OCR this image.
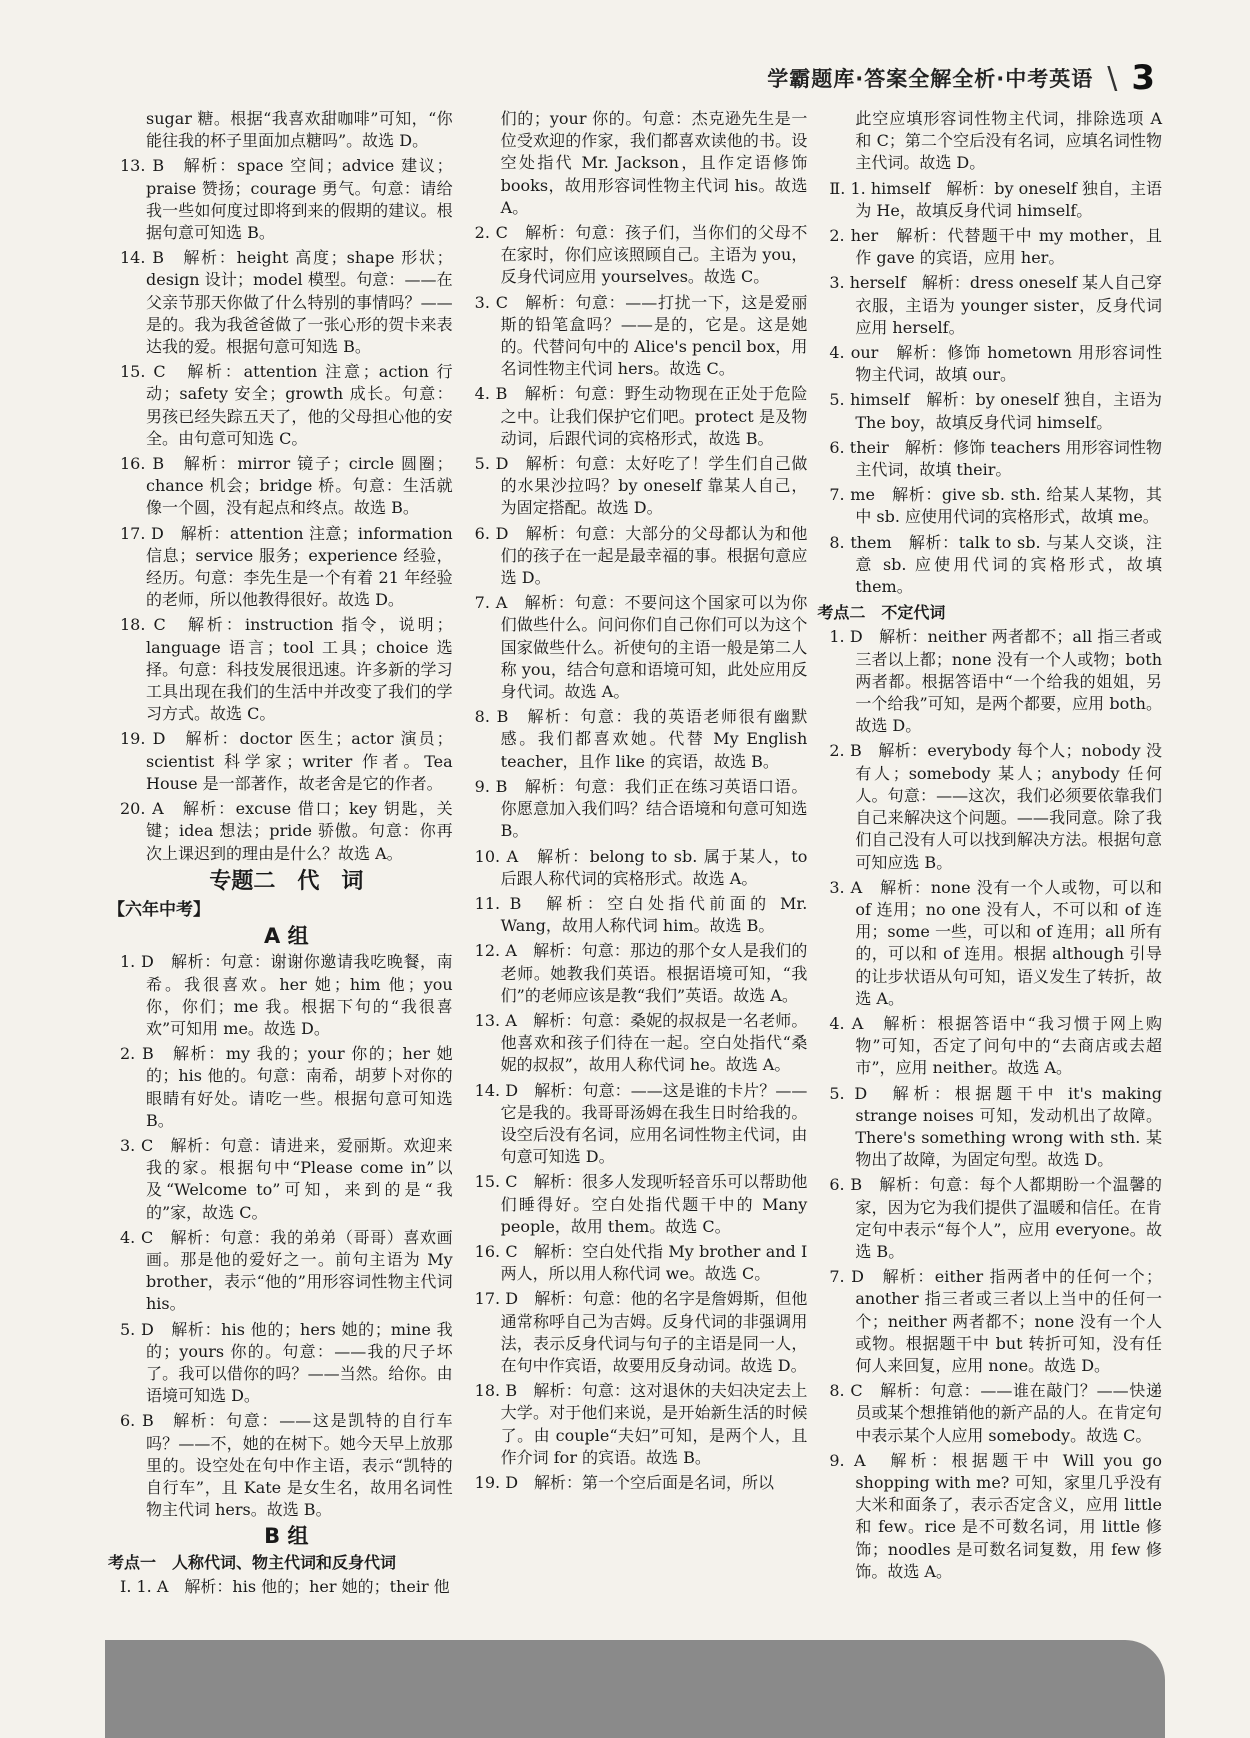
学霸题库·答案全解全析·中考英语 \ 3

sugar 糖。根据“我喜欢甜咖啡”可知，“你能往我的杯子里面加点糖吗”。故选 D。

13. B　解析：space 空间；advice 建议；praise 赞扬；courage 勇气。句意：请给我一些如何度过即将到来的假期的建议。根据句意可知选 B。

14. B　解析：height 高度；shape 形状；design 设计；model 模型。句意：——在父亲节那天你做了什么特别的事情吗？——是的。我为我爸爸做了一张心形的贺卡来表达我的爱。根据句意可知选 B。

15. C　解析：attention 注意；action 行动；safety 安全；growth 成长。句意：男孩已经失踪五天了，他的父母担心他的安全。由句意可知选 C。

16. B　解析：mirror 镜子；circle 圆圈；chance 机会；bridge 桥。句意：生活就像一个圆，没有起点和终点。故选 B。

17. D　解析：attention 注意；information 信息；service 服务；experience 经验，经历。句意：李先生是一个有着 21 年经验的老师，所以他教得很好。故选 D。

18. C　解析：instruction 指令，说明；language 语言；tool 工具；choice 选择。句意：科技发展很迅速。许多新的学习工具出现在我们的生活中并改变了我们的学习方式。故选 C。

19. D　解析：doctor 医生；actor 演员；scientist 科学家；writer 作者。Tea House 是一部著作，故老舍是它的作者。

20. A　解析：excuse 借口；key 钥匙，关键；idea 想法；pride 骄傲。句意：你再次上课迟到的理由是什么？故选 A。

专题二　代　词

【六年中考】

A 组

1. D　解析：句意：谢谢你邀请我吃晚餐，南希。我很喜欢。her 她；him 他；you 你，你们；me 我。根据下句的“我很喜欢”可知用 me。故选 D。

2. B　解析：my 我的；your 你的；her 她的；his 他的。句意：南希，胡萝卜对你的眼睛有好处。请吃一些。根据句意可知选 B。

3. C　解析：句意：请进来，爱丽斯。欢迎来我的家。根据句中“Please come in”以及“Welcome to”可知，来到的是“我的”家，故选 C。

4. C　解析：句意：我的弟弟（哥哥）喜欢画画。那是他的爱好之一。前句主语为 My brother，表示“他的”用形容词性物主代词 his。

5. D　解析：his 他的；hers 她的；mine 我的；yours 你的。句意：——我的尺子坏了。我可以借你的吗？——当然。给你。由语境可知选 D。

6. B　解析：句意：——这是凯特的自行车吗？——不，她的在树下。她今天早上放那里的。设空处在句中作主语，表示“凯特的自行车”，且 Kate 是女生名，故用名词性物主代词 hers。故选 B。

B 组

考点一　人称代词、物主代词和反身代词

Ⅰ. 1. A　解析：his 他的；her 她的；their 他

们的；your 你的。句意：杰克逊先生是一位受欢迎的作家，我们都喜欢读他的书。设空处指代 Mr. Jackson，且作定语修饰 books，故用形容词性物主代词 his。故选 A。

2. C　解析：句意：孩子们，当你们的父母不在家时，你们应该照顾自己。主语为 you，反身代词应用 yourselves。故选 C。

3. C　解析：句意：——打扰一下，这是爱丽斯的铅笔盒吗？——是的，它是。这是她的。代替问句中的 Alice's pencil box，用名词性物主代词 hers。故选 C。

4. B　解析：句意：野生动物现在正处于危险之中。让我们保护它们吧。protect 是及物动词，后跟代词的宾格形式，故选 B。

5. D　解析：句意：太好吃了！学生们自己做的水果沙拉吗？by oneself 靠某人自己，为固定搭配。故选 D。

6. D　解析：句意：大部分的父母都认为和他们的孩子在一起是最幸福的事。根据句意应选 D。

7. A　解析：句意：不要问这个国家可以为你们做些什么。问问你们自己你们可以为这个国家做些什么。祈使句的主语一般是第二人称 you，结合句意和语境可知，此处应用反身代词。故选 A。

8. B　解析：句意：我的英语老师很有幽默感。我们都喜欢她。代替 My English teacher，且作 like 的宾语，故选 B。

9. B　解析：句意：我们正在练习英语口语。你愿意加入我们吗？结合语境和句意可知选 B。

10. A　解析：belong to sb. 属于某人，to 后跟人称代词的宾格形式。故选 A。

11. B　解析：空白处指代前面的 Mr. Wang，故用人称代词 him。故选 B。

12. A　解析：句意：那边的那个女人是我们的老师。她教我们英语。根据语境可知，“我们”的老师应该是教“我们”英语。故选 A。

13. A　解析：句意：桑妮的叔叔是一名老师。他喜欢和孩子们待在一起。空白处指代“桑妮的叔叔”，故用人称代词 he。故选 A。

14. D　解析：句意：——这是谁的卡片？——它是我的。我哥哥汤姆在我生日时给我的。设空后没有名词，应用名词性物主代词，由句意可知选 D。

15. C　解析：很多人发现听轻音乐可以帮助他们睡得好。空白处指代题干中的 Many people，故用 them。故选 C。

16. C　解析：空白处代指 My brother and I 两人，所以用人称代词 we。故选 C。

17. D　解析：句意：他的名字是詹姆斯，但他通常称呼自己为吉姆。反身代词的非强调用法，表示反身代词与句子的主语是同一人，在句中作宾语，故要用反身动词。故选 D。

18. B　解析：句意：这对退休的夫妇决定去上大学。对于他们来说，是开始新生活的时候了。由 couple“夫妇”可知，是两个人，且作介词 for 的宾语。故选 B。

19. D　解析：第一个空后面是名词，所以

此空应填形容词性物主代词，排除选项 A 和 C；第二个空后没有名词，应填名词性物主代词。故选 D。

Ⅱ. 1. himself　解析：by oneself 独自，主语为 He，故填反身代词 himself。

2. her　解析：代替题干中 my mother，且作 gave 的宾语，应用 her。

3. herself　解析：dress oneself 某人自己穿衣服，主语为 younger sister，反身代词应用 herself。

4. our　解析：修饰 hometown 用形容词性物主代词，故填 our。

5. himself　解析：by oneself 独自，主语为 The boy，故填反身代词 himself。

6. their　解析：修饰 teachers 用形容词性物主代词，故填 their。

7. me　解析：give sb. sth. 给某人某物，其中 sb. 应使用代词的宾格形式，故填 me。

8. them　解析：talk to sb. 与某人交谈，注意 sb. 应使用代词的宾格形式，故填 them。

考点二　不定代词

1. D　解析：neither 两者都不；all 指三者或三者以上都；none 没有一个人或物；both 两者都。根据答语中“一个给我的姐姐，另一个给我”可知，是两个都要，应用 both。故选 D。

2. B　解析：everybody 每个人；nobody 没有人；somebody 某人；anybody 任何人。句意：——这次，我们必须要依靠我们自己来解决这个问题。——我同意。除了我们自己没有人可以找到解决方法。根据句意可知应选 B。

3. A　解析：none 没有一个人或物，可以和 of 连用；no one 没有人，不可以和 of 连用；some 一些，可以和 of 连用；all 所有的，可以和 of 连用。根据 although 引导的让步状语从句可知，语义发生了转折，故选 A。

4. A　解析：根据答语中“我习惯于网上购物”可知，否定了问句中的“去商店或去超市”，应用 neither。故选 A。

5. D　解析：根据题干中 it's making strange noises 可知，发动机出了故障。There's something wrong with sth. 某物出了故障，为固定句型。故选 D。

6. B　解析：句意：每个人都期盼一个温馨的家，因为它为我们提供了温暖和信任。在肯定句中表示“每个人”，应用 everyone。故选 B。

7. D　解析：either 指两者中的任何一个；another 指三者或三者以上当中的任何一个；neither 两者都不；none 没有一个人或物。根据题干中 but 转折可知，没有任何人来回复，应用 none。故选 D。

8. C　解析：句意：——谁在敲门？——快递员或某个想推销他的新产品的人。在肯定句中表示某个人应用 somebody。故选 C。

9. A　解析：根据题干中 Will you go shopping with me? 可知，家里几乎没有大米和面条了，表示否定含义，应用 little 和 few。rice 是不可数名词，用 little 修饰；noodles 是可数名词复数，用 few 修饰。故选 A。
